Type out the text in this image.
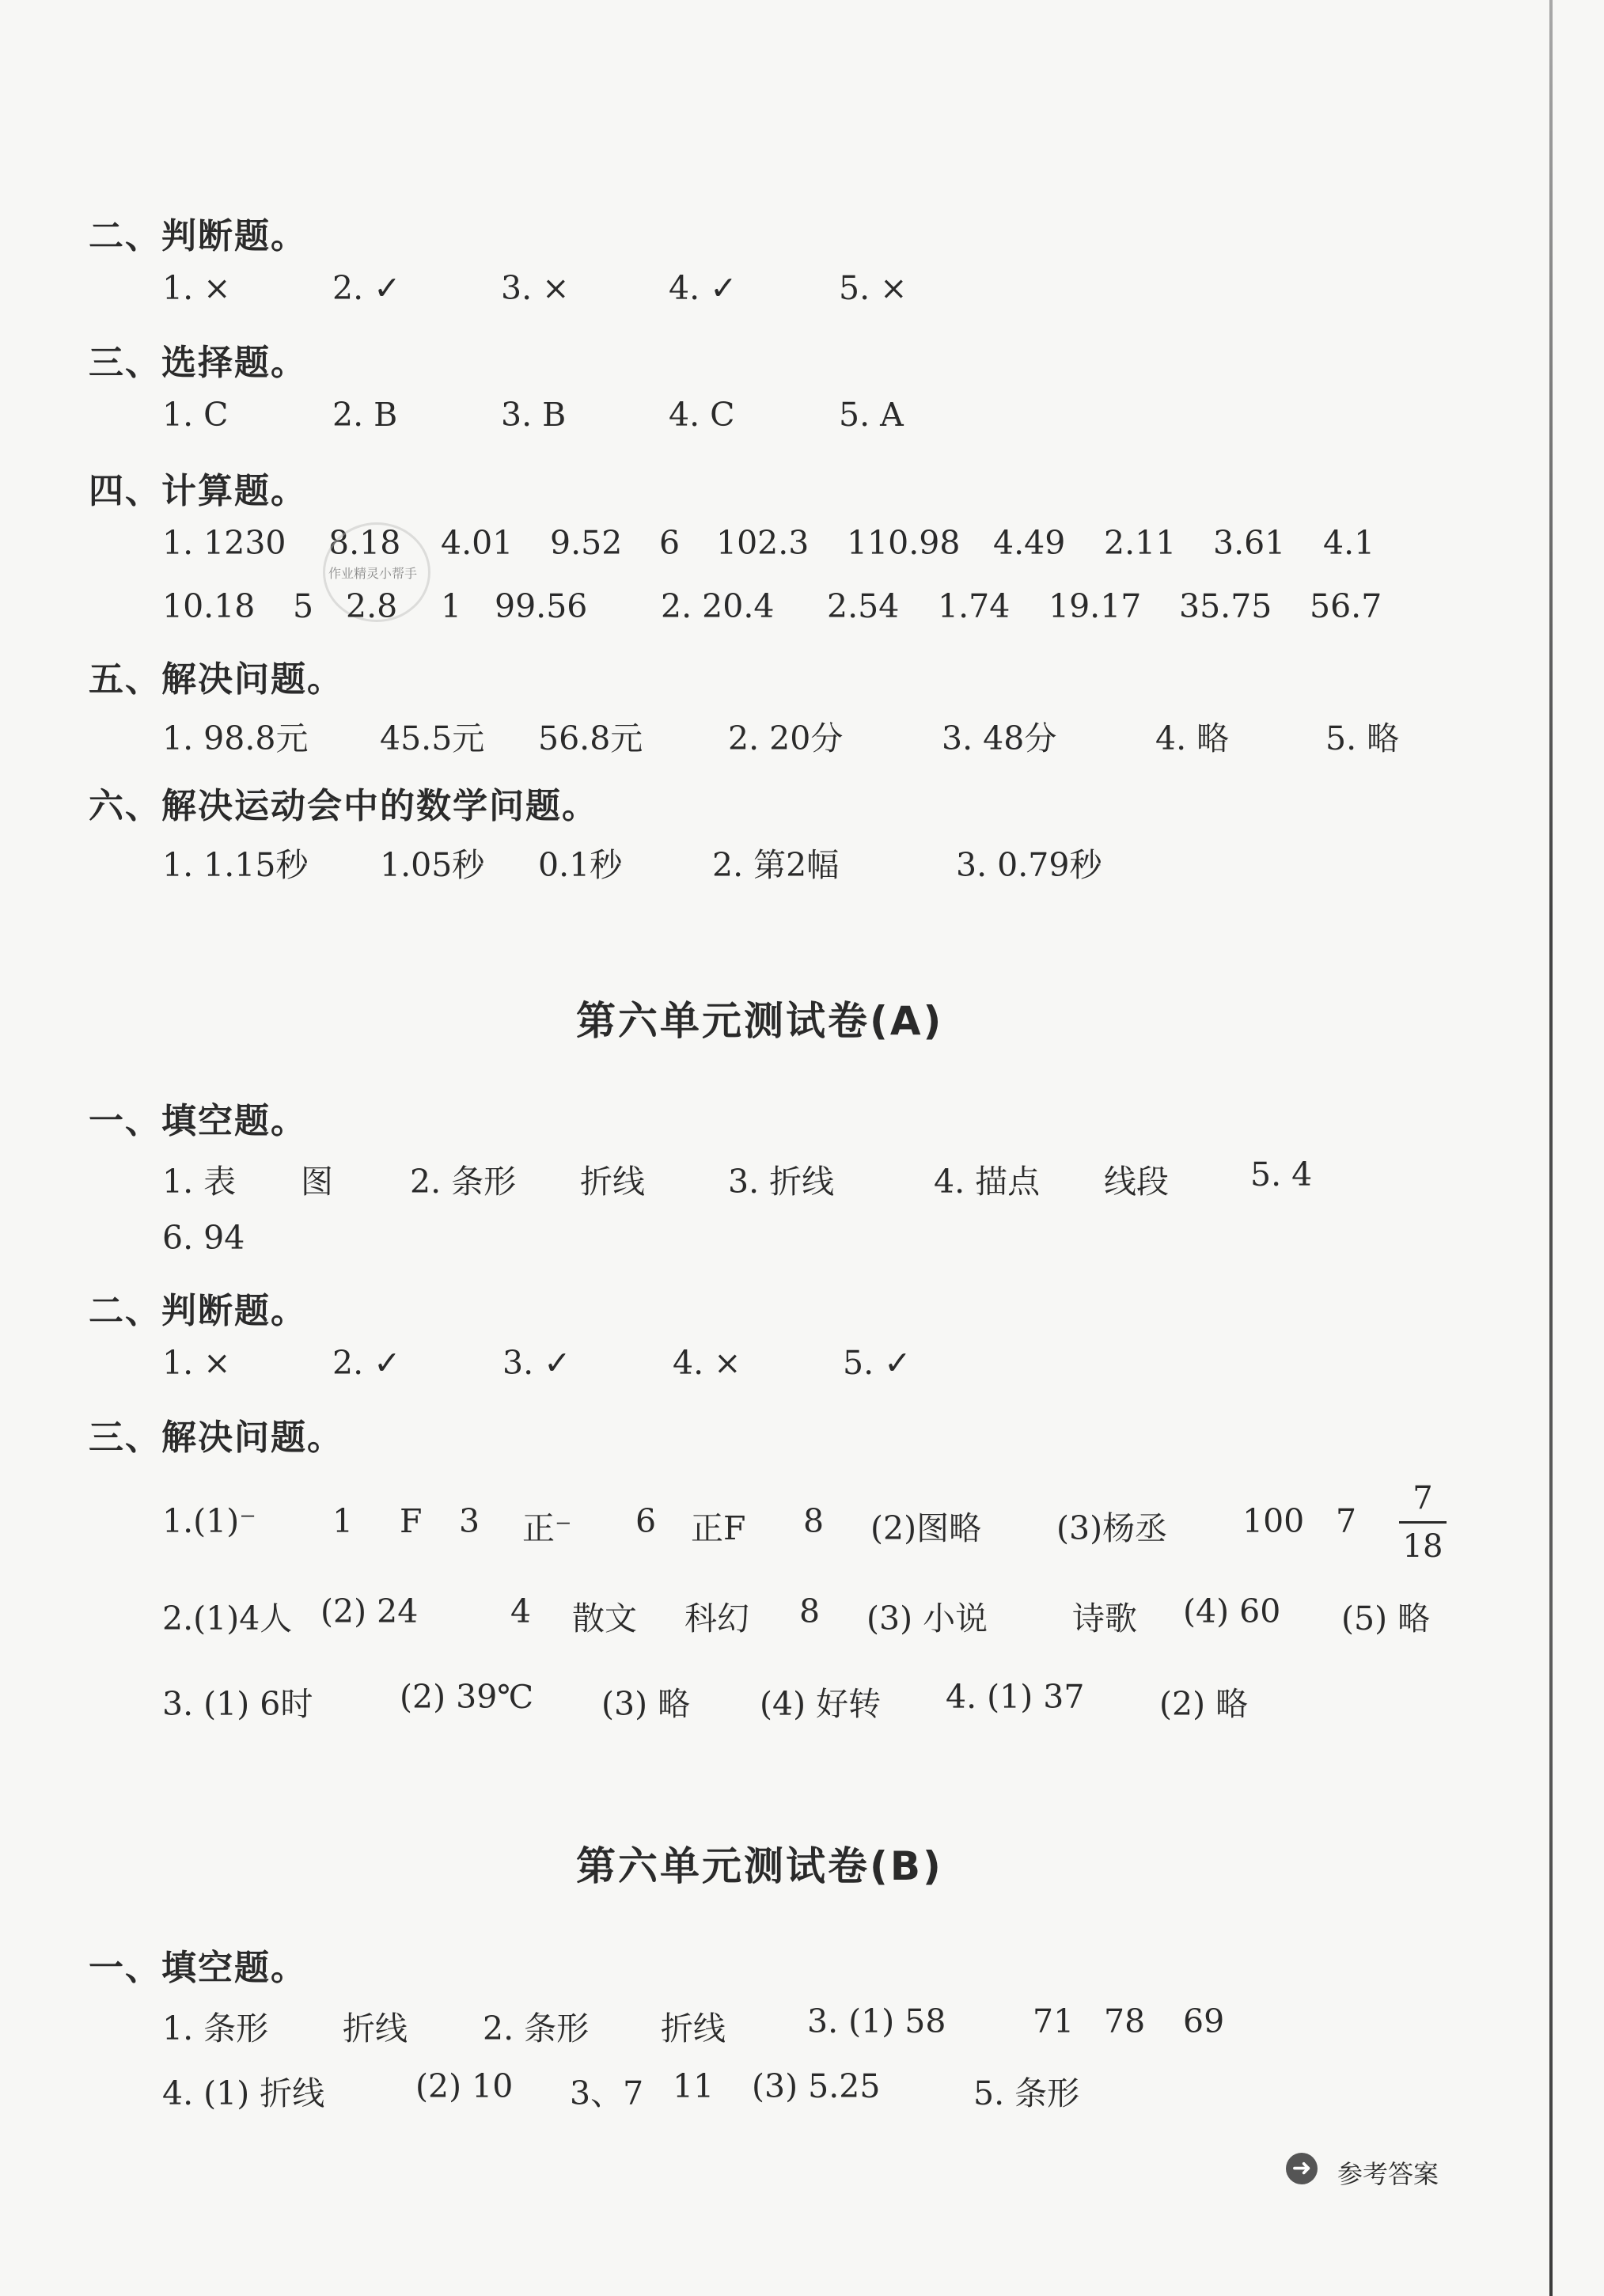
二、判断题。
1. ×	2. ✓	3. ×	4. ✓	5. ×
三、选择题。
1. C	2. B	3. B	4. C	5. A
四、计算题。
1. 1230 8.18 4.01 9.52 6 102.3 110.98 4.49 2.11 3.61 4.1
作业精灵小帮手
10.18 5 2.8 1 99.56 2. 20.4 2.54 1.74 19.17 35.75 56.7
五、解决问题。
1. 98.8元 45.5元 56.8元	2. 20分	3. 48分	4. 略	5. 略
六、解决运动会中的数学问题。
1. 1.15秒 1.05秒 0.1秒	2. 第2幅	3. 0.79秒
第六单元测试卷(A)
一、填空题。
1. 表 图 2. 条形 折线	3. 折线	4. 描点 线段	5. 4
6. 94
二、判断题。
1. ×	2. ✓	3. ✓	4. ×	5. ✓
三、解决问题。
1.(1)⁻ 1 F 3 正⁻ 6 正F 8 (2)图略 (3)杨丞 100 7
7
18
2.(1)4人 (2) 24	4 散文 科幻 8 (3) 小说	诗歌 (4) 60 (5) 略
3. (1) 6时	(2) 39℃ (3) 略 (4) 好转 4. (1) 37 (2) 略
第六单元测试卷(B)
一、填空题。
1. 条形 折线 2. 条形 折线	3. (1) 58	71 78 69
4. (1) 折线	(2) 10 3、7 11 (3) 5.25	5. 条形
➜ 参考答案
